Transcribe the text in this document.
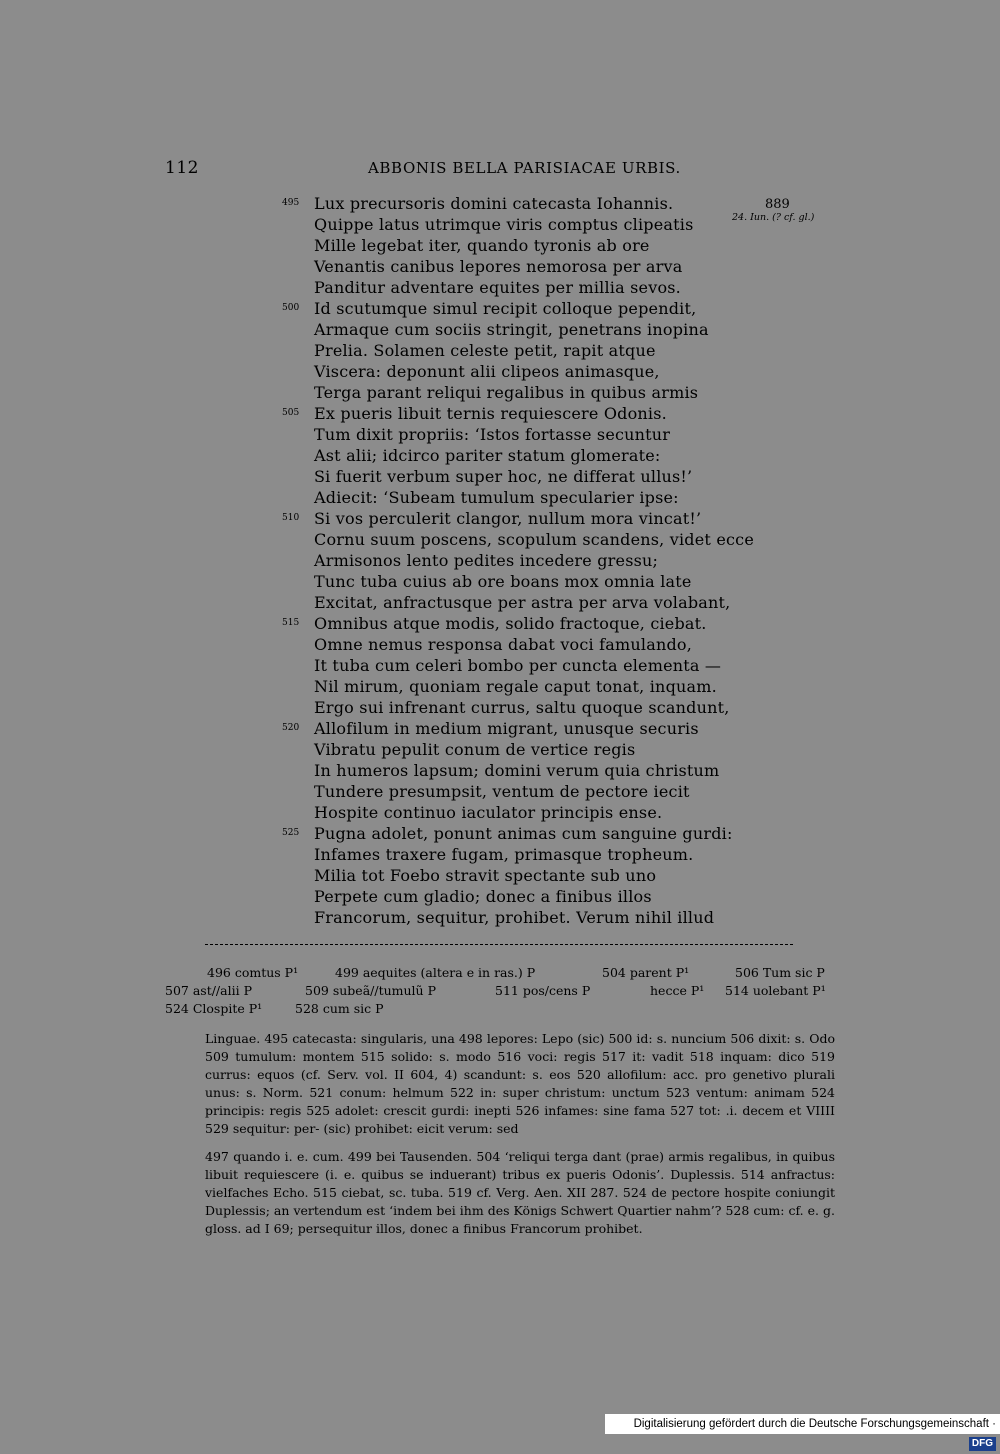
112	ABBONIS BELLA PARISIACAE URBIS.
889
24. Iun. (? cf. gl.)
495 Lux precursoris domini catecasta Iohannis.
Quippe latus utrimque viris comptus clipeatis
Mille legebat iter, quando tyronis ab ore
Venantis canibus lepores nemorosa per arva
Panditur adventare equites per millia sevos.
500 Id scutumque simul recipit colloque pependit,
Armaque cum sociis stringit, penetrans inopina
Prelia. Solamen celeste petit, rapit atque
Viscera: deponunt alii clipeos animasque,
Terga parant reliqui regalibus in quibus armis
505 Ex pueris libuit ternis requiescere Odonis.
Tum dixit propriis: ‘Istos fortasse secuntur
Ast alii; idcirco pariter statum glomerate:
Si fuerit verbum super hoc, ne differat ullus!’
Adiecit: ‘Subeam tumulum specularier ipse:
510 Si vos perculerit clangor, nullum mora vincat!’
Cornu suum poscens, scopulum scandens, videt ecce
Armisonos lento pedites incedere gressu;
Tunc tuba cuius ab ore boans mox omnia late
Excitat, anfractusque per astra per arva volabant,
515 Omnibus atque modis, solido fractoque, ciebat.
Omne nemus responsa dabat voci famulando,
It tuba cum celeri bombo per cuncta elementa —
Nil mirum, quoniam regale caput tonat, inquam.
Ergo sui infrenant currus, saltu quoque scandunt,
520 Allofilum in medium migrant, unusque securis
Vibratu pepulit conum de vertice regis
In humeros lapsum; domini verum quia christum
Tundere presumpsit, ventum de pectore iecit
Hospite continuo iaculator principis ense.
525 Pugna adolet, ponunt animas cum sanguine gurdi:
Infames traxere fugam, primasque tropheum.
Milia tot Foebo stravit spectante sub uno
Perpete cum gladio; donec a finibus illos
Francorum, sequitur, prohibet. Verum nihil illud
496 comtus P¹	499 aequites (altera e in ras.) P	504 parent P¹	506 Tum sic P
507 ast//alii P	509 subeã//tumulũ P	511 pos/cens P	hecce P¹ 514 uolebant P¹
524 Clospite P¹	528 cum sic P
Linguae. 495 catecasta: singularis, una 498 lepores: Lepo (sic) 500 id: s. nuncium 506 dixit: s. Odo 509 tumulum: montem 515 solido: s. modo 516 voci: regis 517 it: vadit 518 inquam: dico 519 currus: equos (cf. Serv. vol. II 604, 4) scandunt: s. eos 520 allofilum: acc. pro genetivo plurali unus: s. Norm. 521 conum: helmum 522 in: super christum: unctum 523 ventum: animam 524 principis: regis 525 adolet: crescit gurdi: inepti 526 infames: sine fama 527 tot: .i. decem et VIIII 529 sequitur: per- (sic) prohibet: eicit verum: sed
497 quando i. e. cum. 499 bei Tausenden. 504 ‘reliqui terga dant (prae) armis regalibus, in quibus libuit requiescere (i. e. quibus se induerant) tribus ex pueris Odonis’. Duplessis. 514 anfractus: vielfaches Echo. 515 ciebat, sc. tuba. 519 cf. Verg. Aen. XII 287. 524 de pectore hospite coniungit Duplessis; an vertendum est ‘indem bei ihm des Königs Schwert Quartier nahm’? 528 cum: cf. e. g. gloss. ad I 69; persequitur illos, donec a finibus Francorum prohibet.
Digitalisierung gefördert durch die Deutsche Forschungsgemeinschaft ·DFG
